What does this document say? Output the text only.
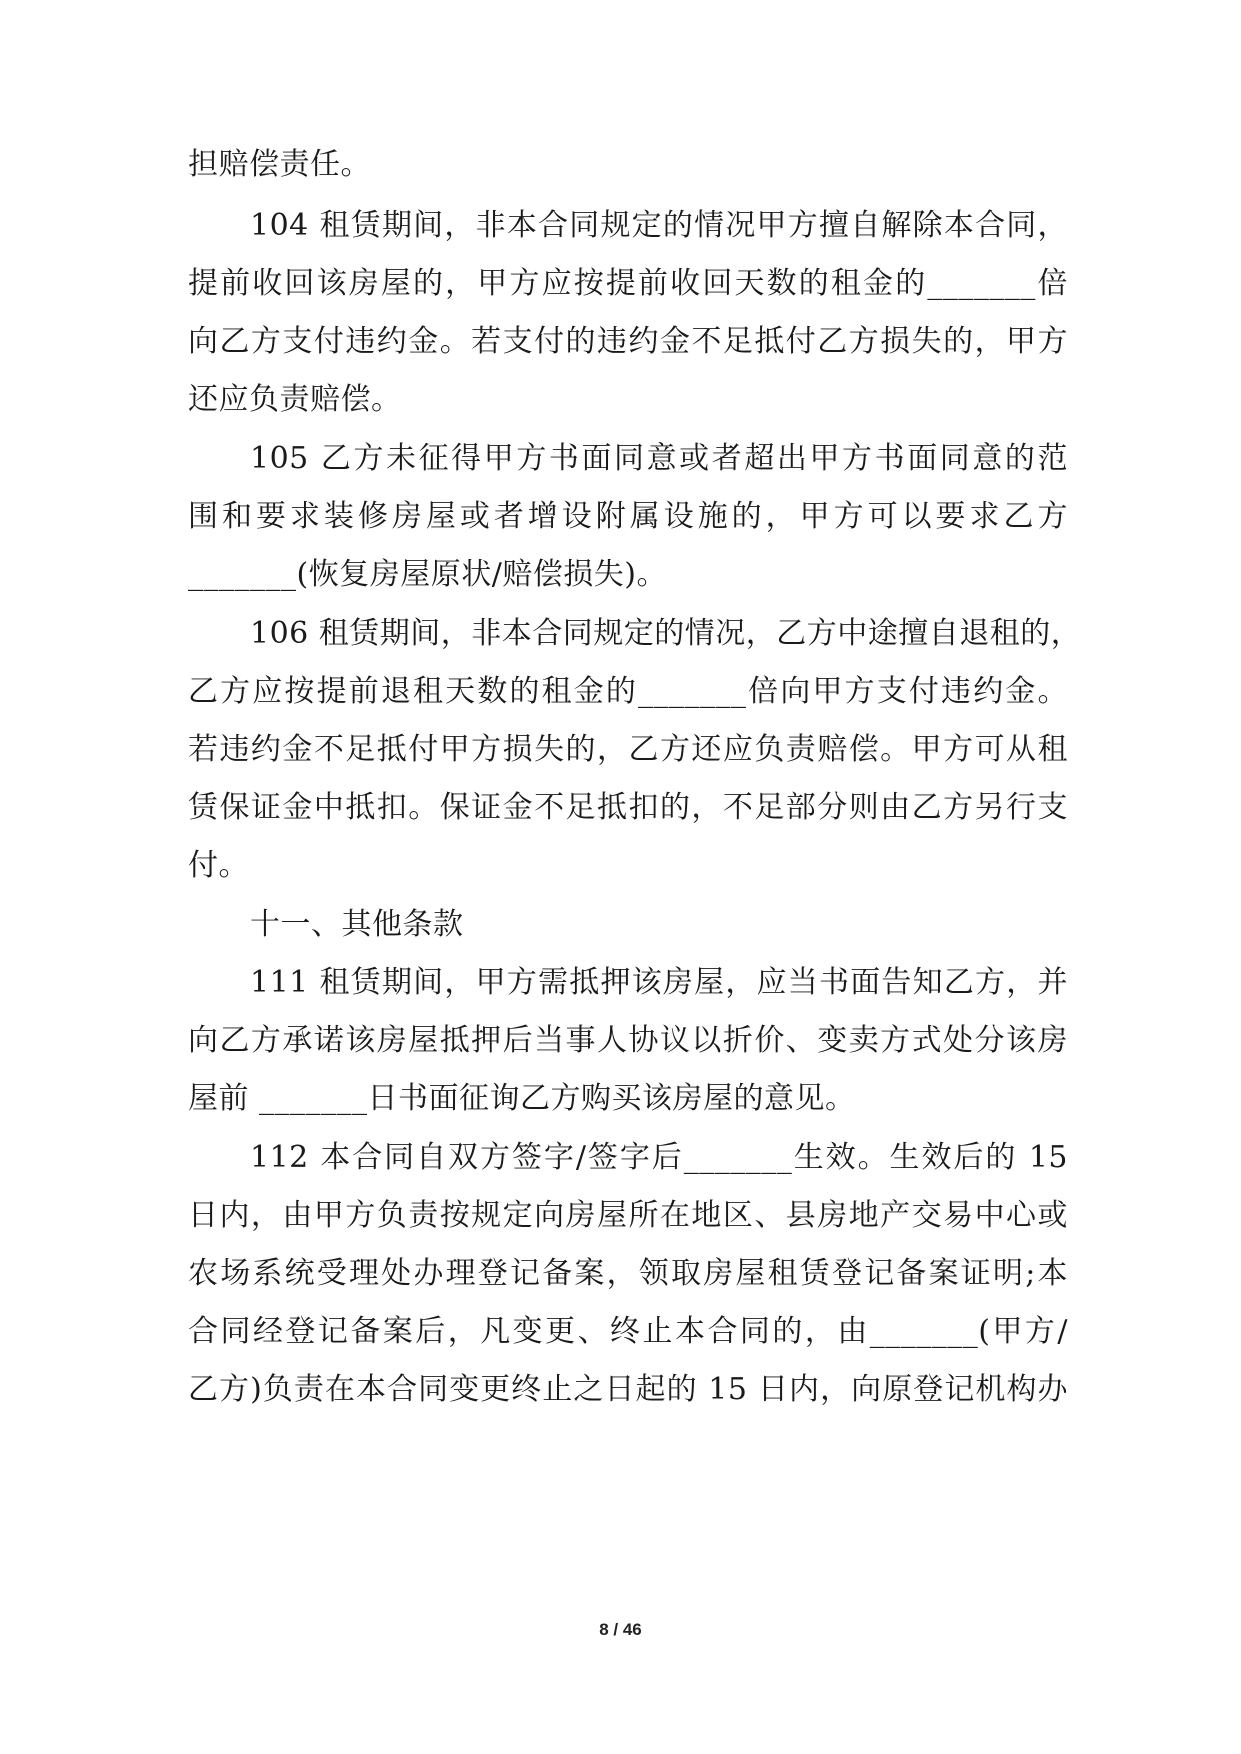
担赔偿责任。
104 租赁期间，非本合同规定的情况甲方擅自解除本合同，
提前收回该房屋的，甲方应按提前收回天数的租金的_______倍
向乙方支付违约金。若支付的违约金不足抵付乙方损失的，甲方
还应负责赔偿。
105 乙方未征得甲方书面同意或者超出甲方书面同意的范
围和要求装修房屋或者增设附属设施的，甲方可以要求乙方
_______(恢复房屋原状/赔偿损失)。
106 租赁期间，非本合同规定的情况，乙方中途擅自退租的，
乙方应按提前退租天数的租金的_______倍向甲方支付违约金。
若违约金不足抵付甲方损失的，乙方还应负责赔偿。甲方可从租
赁保证金中抵扣。保证金不足抵扣的，不足部分则由乙方另行支
付。
十一、其他条款
111 租赁期间，甲方需抵押该房屋，应当书面告知乙方，并
向乙方承诺该房屋抵押后当事人协议以折价、变卖方式处分该房
屋前 _______日书面征询乙方购买该房屋的意见。
112 本合同自双方签字/签字后_______生效。生效后的 15
日内，由甲方负责按规定向房屋所在地区、县房地产交易中心或
农场系统受理处办理登记备案，领取房屋租赁登记备案证明;本
合同经登记备案后，凡变更、终止本合同的，由_______(甲方/
乙方)负责在本合同变更终止之日起的 15 日内，向原登记机构办
8 / 46
